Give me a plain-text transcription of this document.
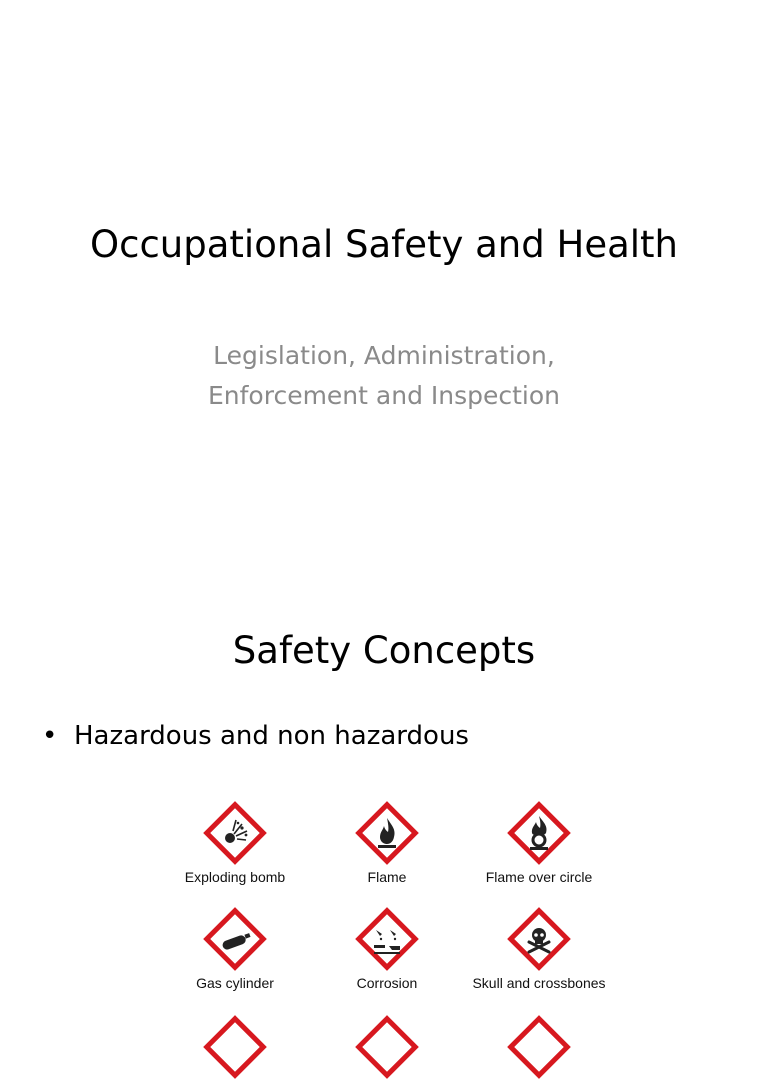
Occupational Safety and Health
Legislation, Administration,
Enforcement and Inspection
Safety Concepts
• Hazardous and non hazardous
Exploding bomb	Flame	Flame over circle
Gas cylinder	Corrosion	Skull and crossbones
